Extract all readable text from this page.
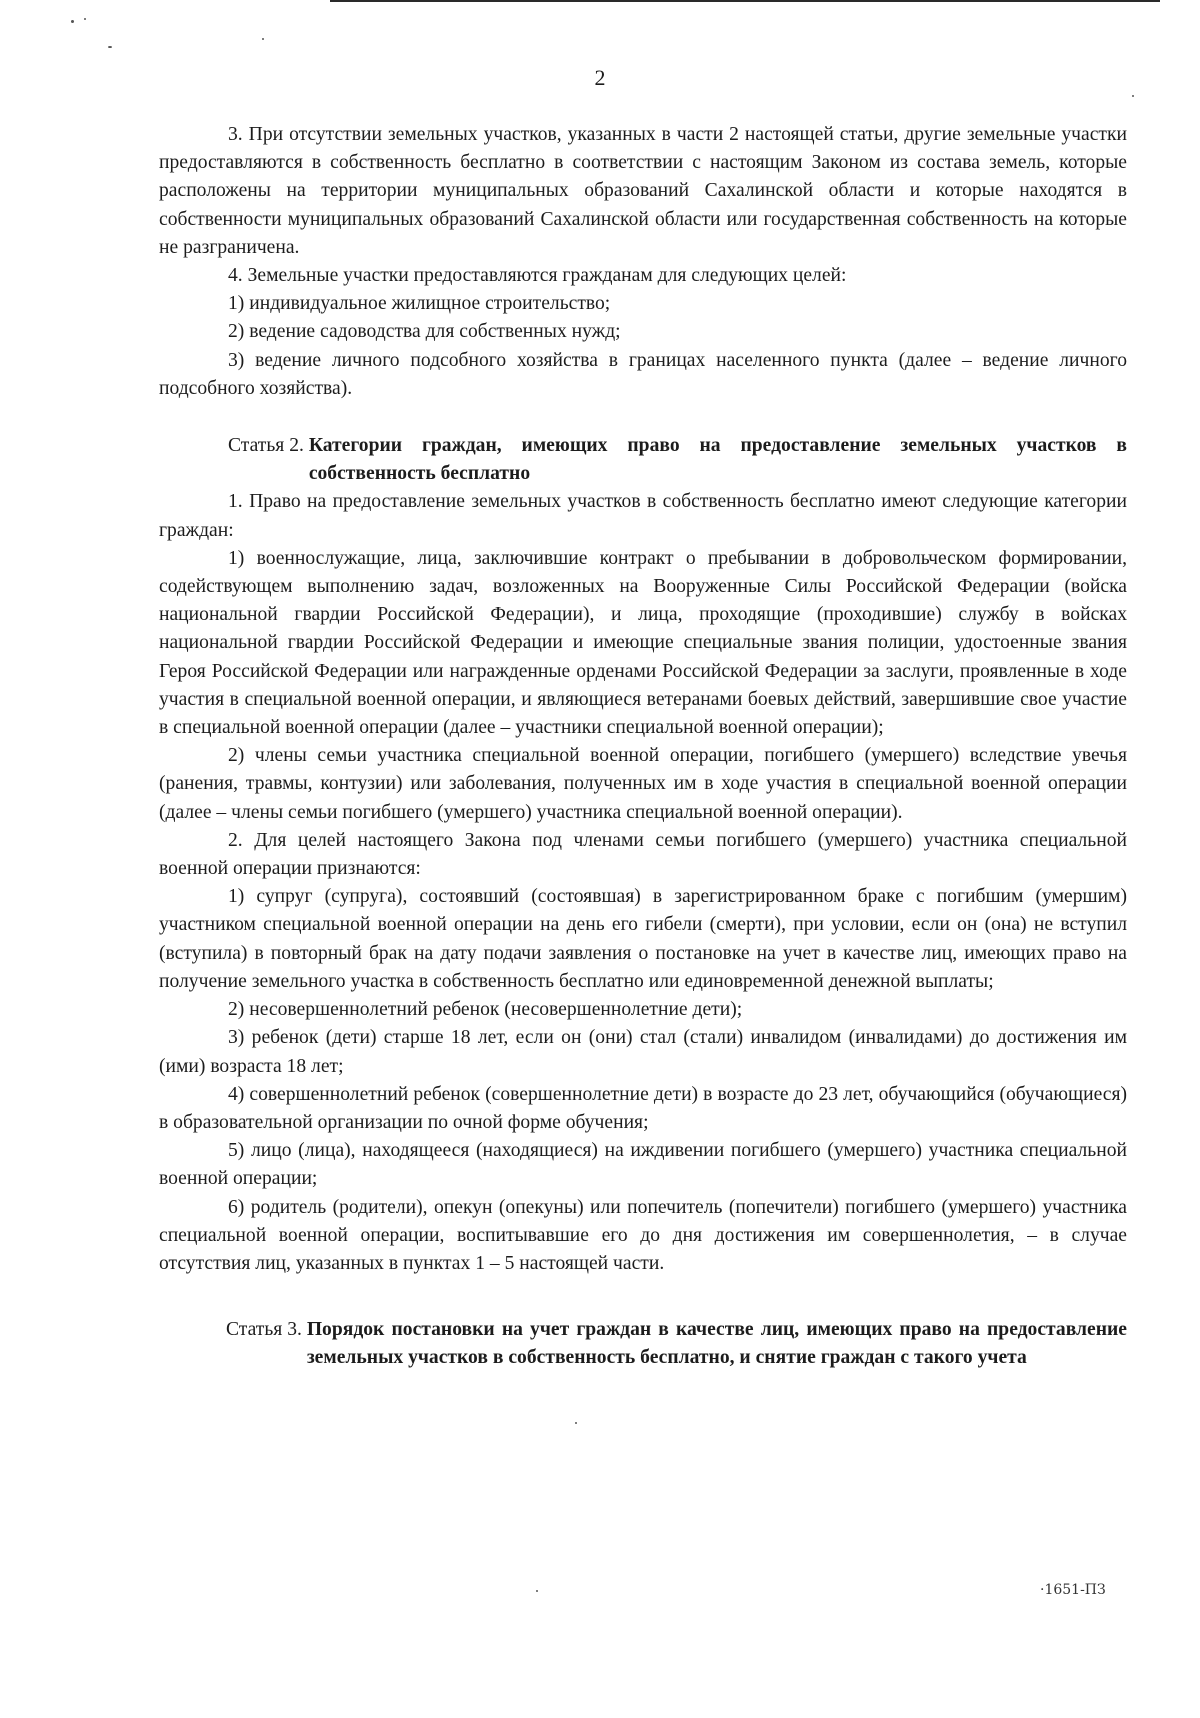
2

3. При отсутствии земельных участков, указанных в части 2 настоящей статьи, другие земельные участки предоставляются в собственность бесплатно в соответствии с настоящим Законом из состава земель, которые расположены на территории муниципальных образований Сахалинской области и которые находятся в собственности муниципальных образований Сахалинской области или государственная собственность на которые не разграничена.

4. Земельные участки предоставляются гражданам для следующих целей:

1) индивидуальное жилищное строительство;

2) ведение садоводства для собственных нужд;

3) ведение личного подсобного хозяйства в границах населенного пункта (далее – ведение личного подсобного хозяйства).

Статья 2. Категории граждан, имеющих право на предоставление земельных участков в собственность бесплатно

1. Право на предоставление земельных участков в собственность бесплатно имеют следующие категории граждан:

1) военнослужащие, лица, заключившие контракт о пребывании в добровольческом формировании, содействующем выполнению задач, возложенных на Вооруженные Силы Российской Федерации (войска национальной гвардии Российской Федерации), и лица, проходящие (проходившие) службу в войсках национальной гвардии Российской Федерации и имеющие специальные звания полиции, удостоенные звания Героя Российской Федерации или награжденные орденами Российской Федерации за заслуги, проявленные в ходе участия в специальной военной операции, и являющиеся ветеранами боевых действий, завершившие свое участие в специальной военной операции (далее – участники специальной военной операции);

2) члены семьи участника специальной военной операции, погибшего (умершего) вследствие увечья (ранения, травмы, контузии) или заболевания, полученных им в ходе участия в специальной военной операции (далее – члены семьи погибшего (умершего) участника специальной военной операции).

2. Для целей настоящего Закона под членами семьи погибшего (умершего) участника специальной военной операции признаются:

1) супруг (супруга), состоявший (состоявшая) в зарегистрированном браке с погибшим (умершим) участником специальной военной операции на день его гибели (смерти), при условии, если он (она) не вступил (вступила) в повторный брак на дату подачи заявления о постановке на учет в качестве лиц, имеющих право на получение земельного участка в собственность бесплатно или единовременной денежной выплаты;

2) несовершеннолетний ребенок (несовершеннолетние дети);

3) ребенок (дети) старше 18 лет, если он (они) стал (стали) инвалидом (инвалидами) до достижения им (ими) возраста 18 лет;

4) совершеннолетний ребенок (совершеннолетние дети) в возрасте до 23 лет, обучающийся (обучающиеся) в образовательной организации по очной форме обучения;

5) лицо (лица), находящееся (находящиеся) на иждивении погибшего (умершего) участника специальной военной операции;

6) родитель (родители), опекун (опекуны) или попечитель (попечители) погибшего (умершего) участника специальной военной операции, воспитывавшие его до дня достижения им совершеннолетия, – в случае отсутствия лиц, указанных в пунктах 1 – 5 настоящей части.

Статья 3. Порядок постановки на учет граждан в качестве лиц, имеющих право на предоставление земельных участков в собственность бесплатно, и снятие граждан с такого учета
·1651-ПЗ
